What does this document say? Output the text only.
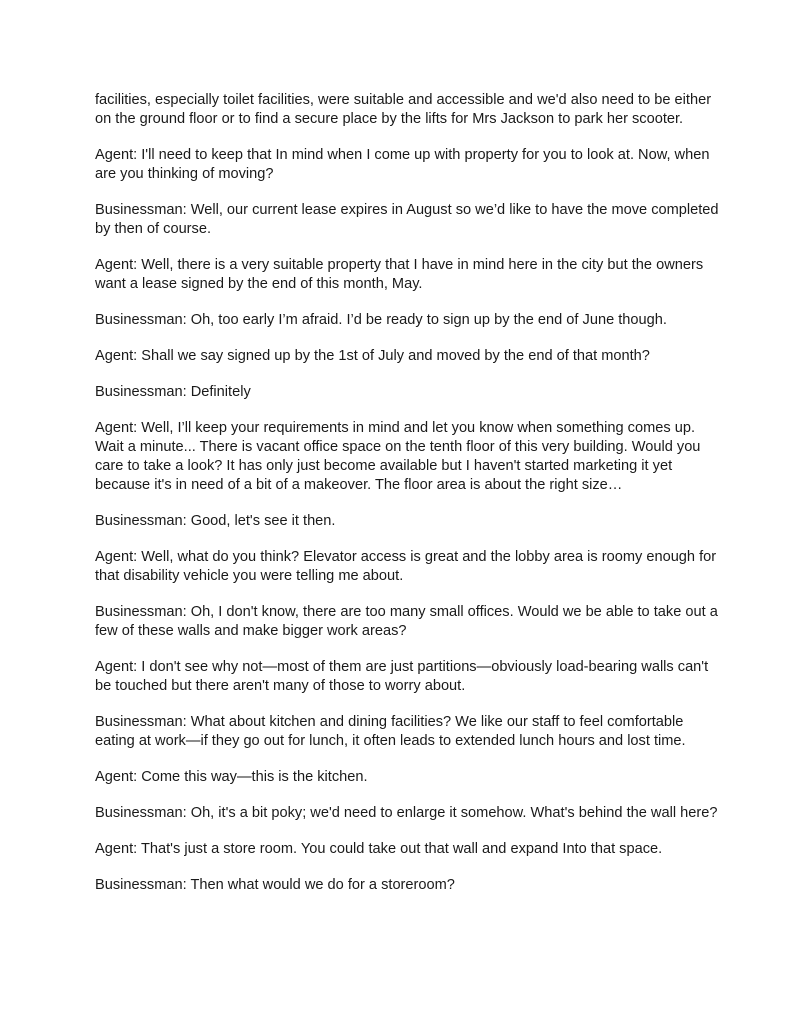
facilities, especially toilet facilities, were suitable and accessible and we'd also need to be either on the ground floor or to find a secure place by the lifts for Mrs Jackson to park her scooter.

Agent: I'll need to keep that In mind when I come up with property for you to look at. Now, when are you thinking of moving?

Businessman: Well, our current lease expires in August so we’d like to have the move completed by then of course.

Agent: Well, there is a very suitable property that I have in mind here in the city but the owners want a lease signed by the end of this month, May.

Businessman: Oh, too early I’m afraid. I’d be ready to sign up by the end of June though.

Agent: Shall we say signed up by the 1st of July and moved by the end of that month?

Businessman: Definitely

Agent: Well, I’ll keep your requirements in mind and let you know when something comes up. Wait a minute... There is vacant office space on the tenth floor of this very building. Would you care to take a look? It has only just become available but I haven't started marketing it yet because it's in need of a bit of a makeover. The floor area is about the right size…

Businessman: Good, let's see it then.

Agent: Well, what do you think? Elevator access is great and the lobby area is roomy enough for that disability vehicle you were telling me about.

Businessman: Oh, I don't know, there are too many small offices. Would we be able to take out a few of these walls and make bigger work areas?

Agent: I don't see why not—most of them are just partitions—obviously load-bearing walls can't be touched but there aren't many of those to worry about.

Businessman: What about kitchen and dining facilities? We like our staff to feel comfortable eating at work—if they go out for lunch, it often leads to extended lunch hours and lost time.

Agent: Come this way—this is the kitchen.

Businessman: Oh, it's a bit poky; we'd need to enlarge it somehow. What's behind the wall here?

Agent: That's just a store room. You could take out that wall and expand Into that space.

Businessman: Then what would we do for a storeroom?
